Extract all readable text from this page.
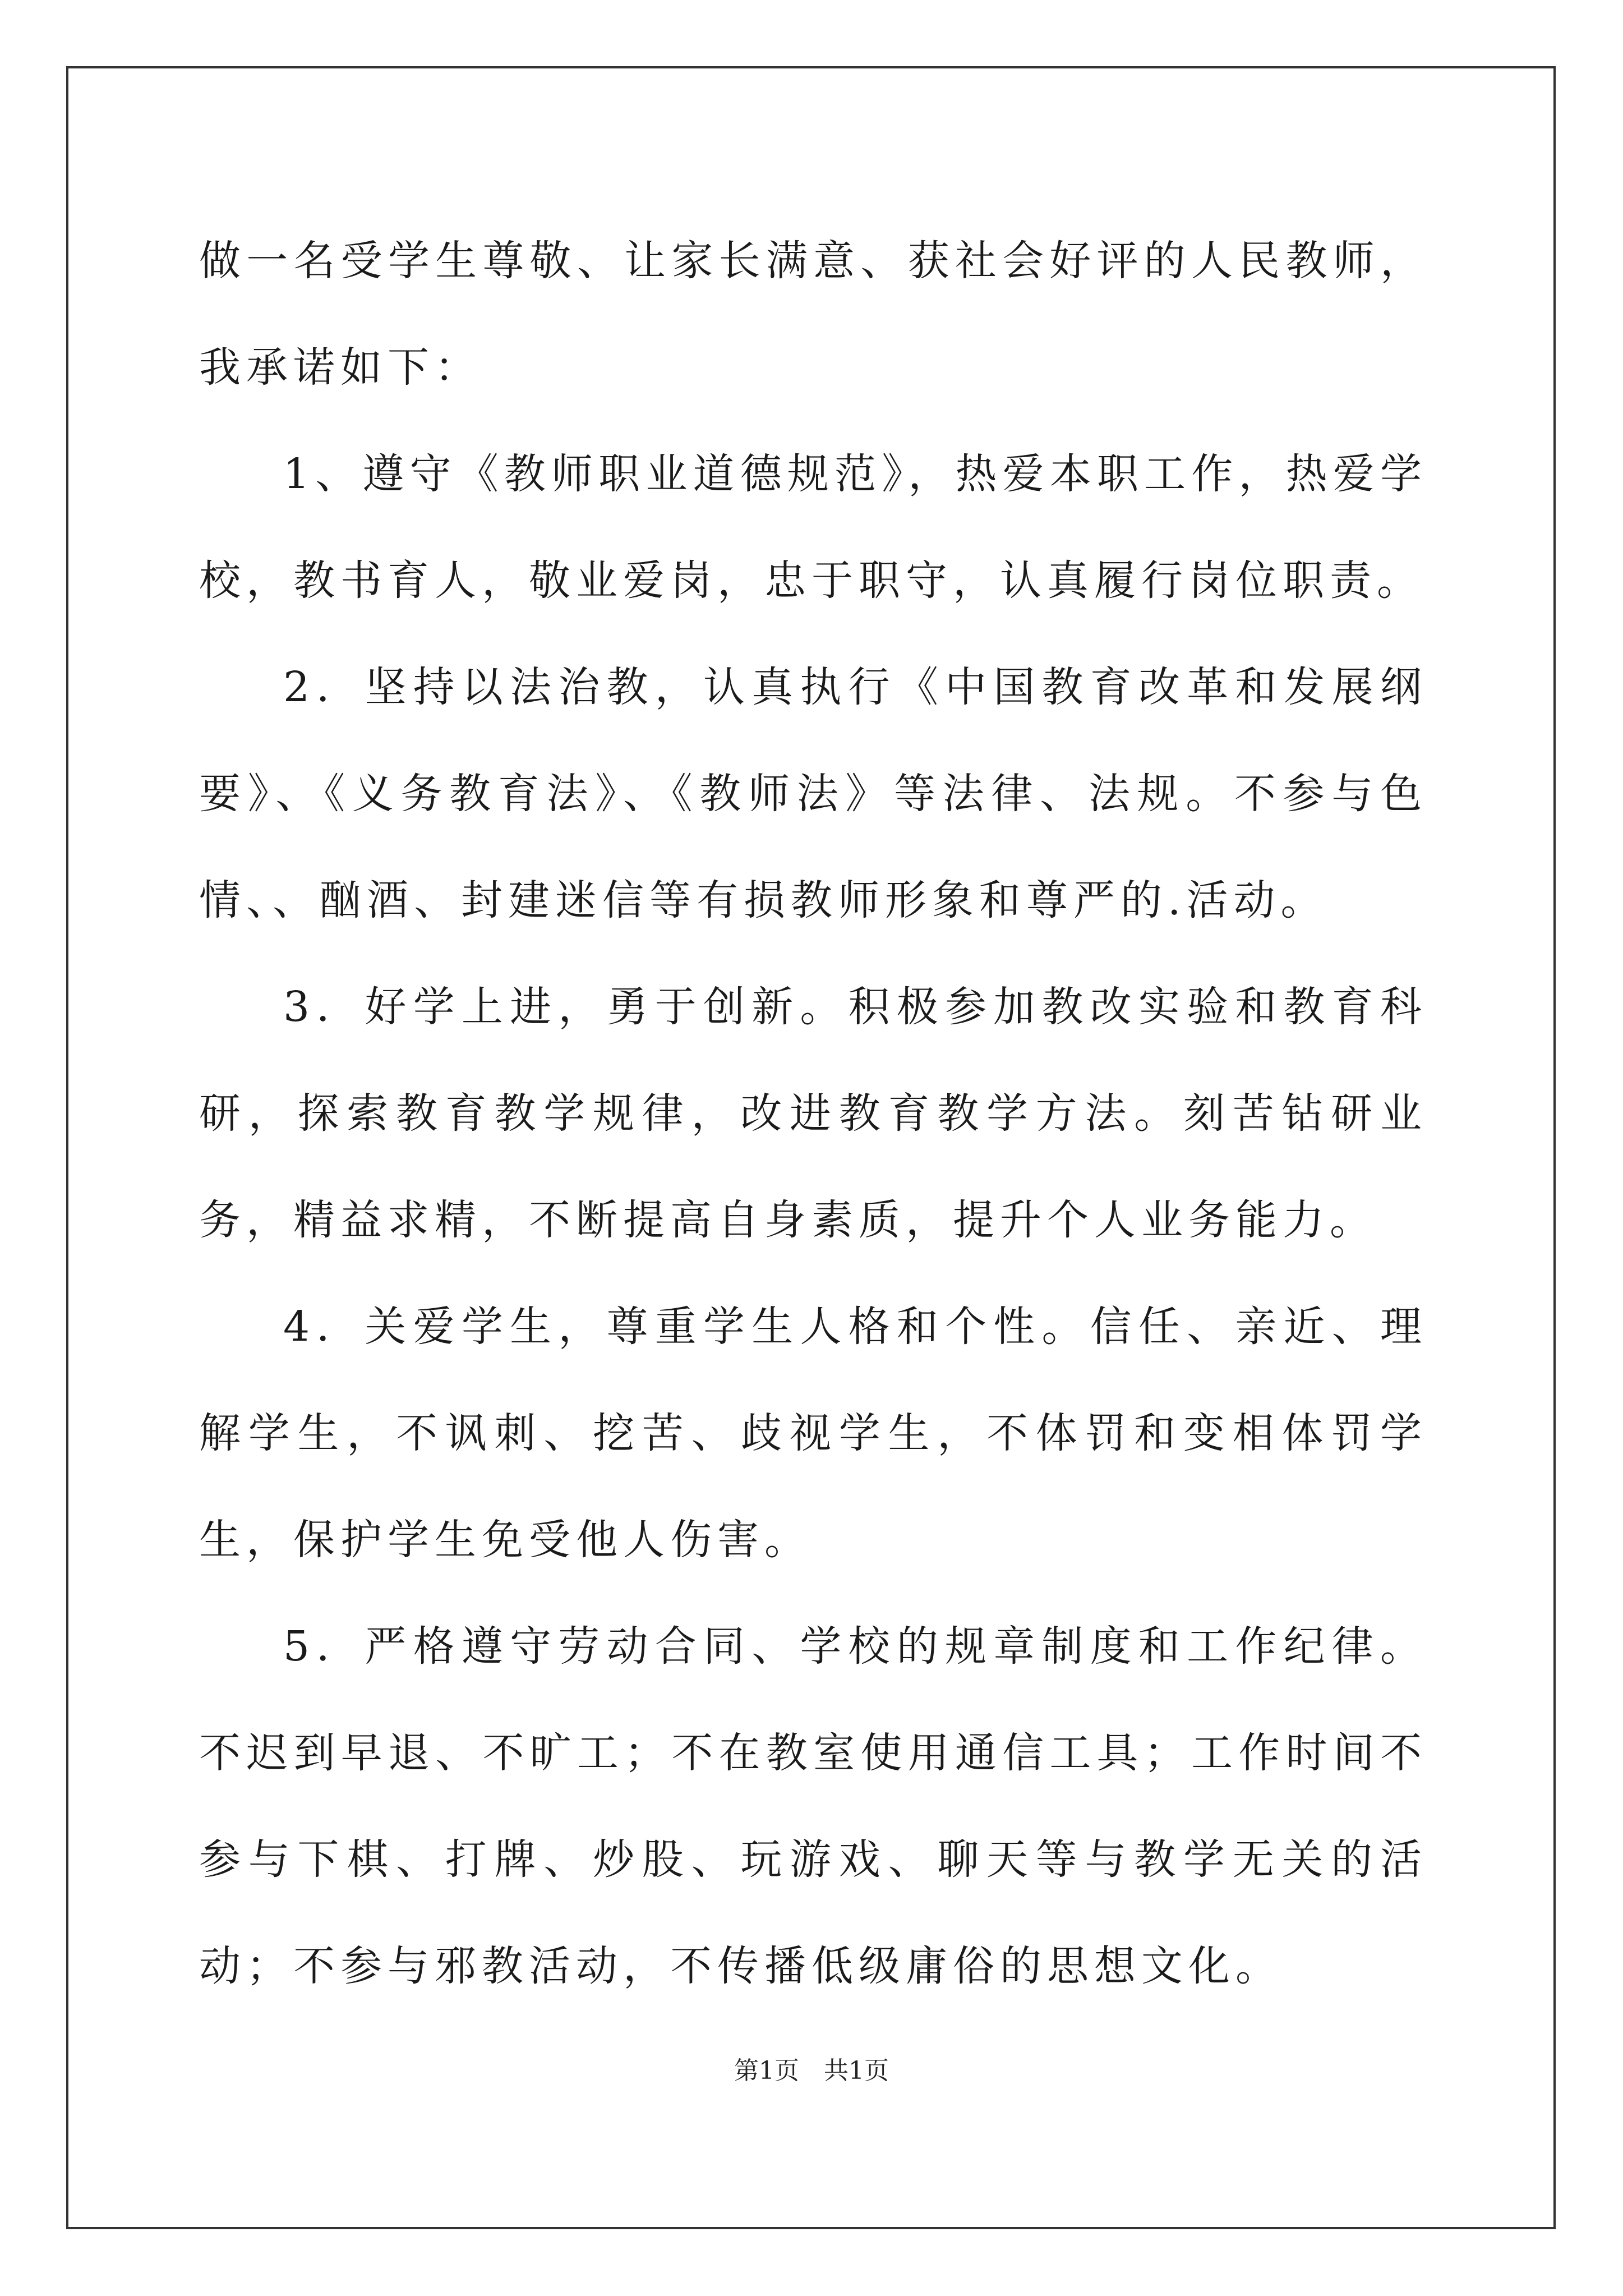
做一名受学生尊敬、让家长满意、获社会好评的人民教师，我承诺如下：

1、遵守《教师职业道德规范》，热爱本职工作，热爱学校，教书育人，敬业爱岗，忠于职守，认真履行岗位职责。

2．坚持以法治教，认真执行《中国教育改革和发展纲要》、《义务教育法》、《教师法》等法律、法规。不参与色情、、酗酒、封建迷信等有损教师形象和尊严的.活动。

3．好学上进，勇于创新。积极参加教改实验和教育科研，探索教育教学规律，改进教育教学方法。刻苦钻研业务，精益求精，不断提高自身素质，提升个人业务能力。

4．关爱学生，尊重学生人格和个性。信任、亲近、理解学生，不讽刺、挖苦、歧视学生，不体罚和变相体罚学生，保护学生免受他人伤害。

5．严格遵守劳动合同、学校的规章制度和工作纪律。不迟到早退、不旷工；不在教室使用通信工具；工作时间不参与下棋、打牌、炒股、玩游戏、聊天等与教学无关的活动；不参与邪教活动，不传播低级庸俗的思想文化。

第1页　共1页
